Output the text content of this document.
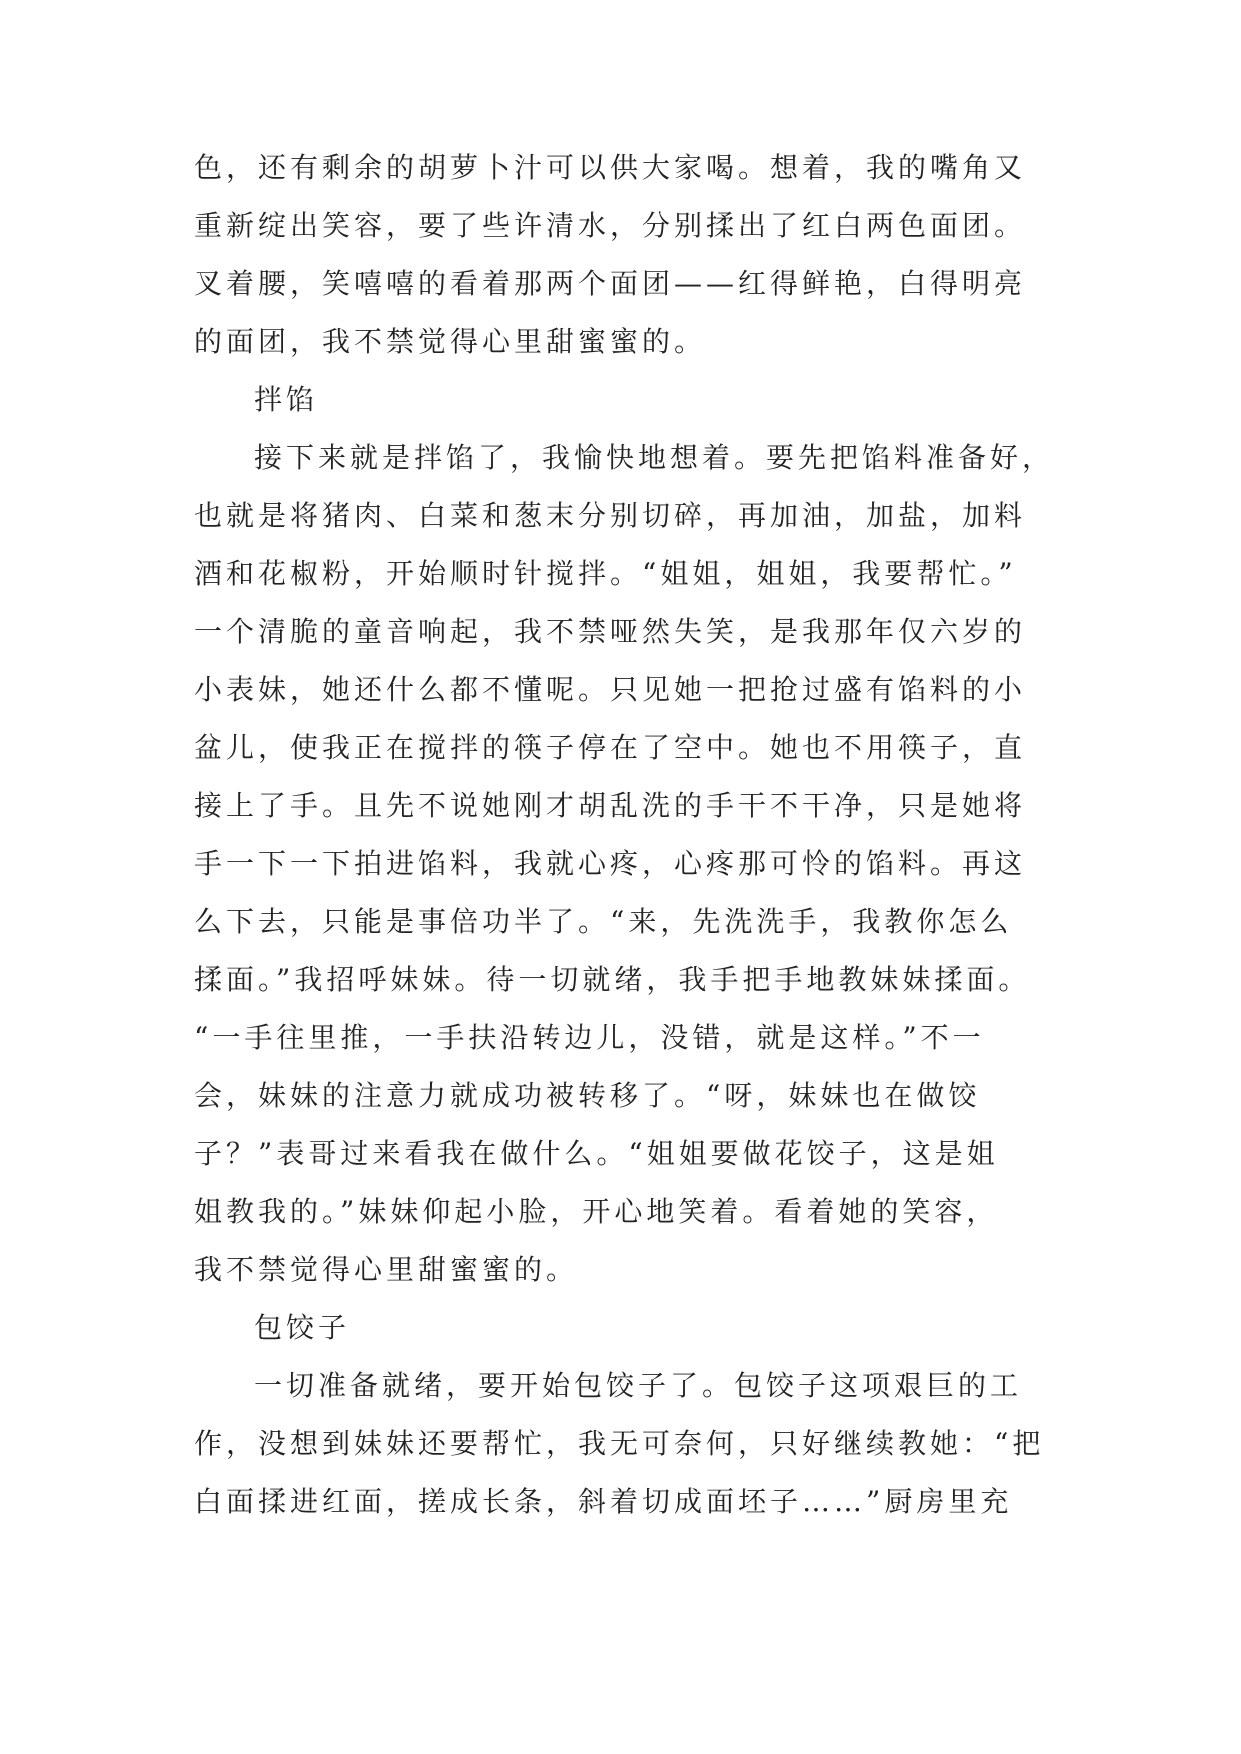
色，还有剩余的胡萝卜汁可以供大家喝。想着，我的嘴角又
重新绽出笑容，要了些许清水，分别揉出了红白两色面团。
叉着腰，笑嘻嘻的看着那两个面团——红得鲜艳，白得明亮
的面团，我不禁觉得心里甜蜜蜜的。
拌馅
接下来就是拌馅了，我愉快地想着。要先把馅料准备好，
也就是将猪肉、白菜和葱末分别切碎，再加油，加盐，加料
酒和花椒粉，开始顺时针搅拌。“姐姐，姐姐，我要帮忙。”
一个清脆的童音响起，我不禁哑然失笑，是我那年仅六岁的
小表妹，她还什么都不懂呢。只见她一把抢过盛有馅料的小
盆儿，使我正在搅拌的筷子停在了空中。她也不用筷子，直
接上了手。且先不说她刚才胡乱洗的手干不干净，只是她将
手一下一下拍进馅料，我就心疼，心疼那可怜的馅料。再这
么下去，只能是事倍功半了。“来，先洗洗手，我教你怎么
揉面。”我招呼妹妹。待一切就绪，我手把手地教妹妹揉面。
“一手往里推，一手扶沿转边儿，没错，就是这样。”不一
会，妹妹的注意力就成功被转移了。“呀，妹妹也在做饺
子？”表哥过来看我在做什么。“姐姐要做花饺子，这是姐
姐教我的。”妹妹仰起小脸，开心地笑着。看着她的笑容，
我不禁觉得心里甜蜜蜜的。
包饺子
一切准备就绪，要开始包饺子了。包饺子这项艰巨的工
作，没想到妹妹还要帮忙，我无可奈何，只好继续教她：“把
白面揉进红面，搓成长条，斜着切成面坯子……”厨房里充
